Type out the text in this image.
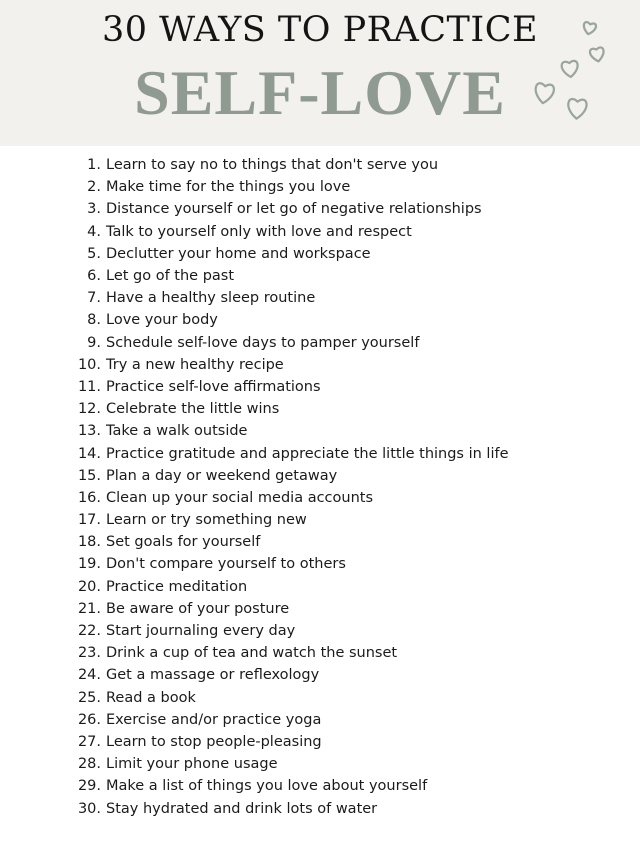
30 WAYS TO PRACTICE
SELF-LOVE
1. Learn to say no to things that don't serve you
2. Make time for the things you love
3. Distance yourself or let go of negative relationships
4. Talk to yourself only with love and respect
5. Declutter your home and workspace
6. Let go of the past
7. Have a healthy sleep routine
8. Love your body
9. Schedule self-love days to pamper yourself
10. Try a new healthy recipe
11. Practice self-love affirmations
12. Celebrate the little wins
13. Take a walk outside
14. Practice gratitude and appreciate the little things in life
15. Plan a day or weekend getaway
16. Clean up your social media accounts
17. Learn or try something new
18. Set goals for yourself
19. Don't compare yourself to others
20. Practice meditation
21. Be aware of your posture
22. Start journaling every day
23. Drink a cup of tea and watch the sunset
24. Get a massage or reflexology
25. Read a book
26. Exercise and/or practice yoga
27. Learn to stop people-pleasing
28. Limit your phone usage
29. Make a list of things you love about yourself
30. Stay hydrated and drink lots of water
